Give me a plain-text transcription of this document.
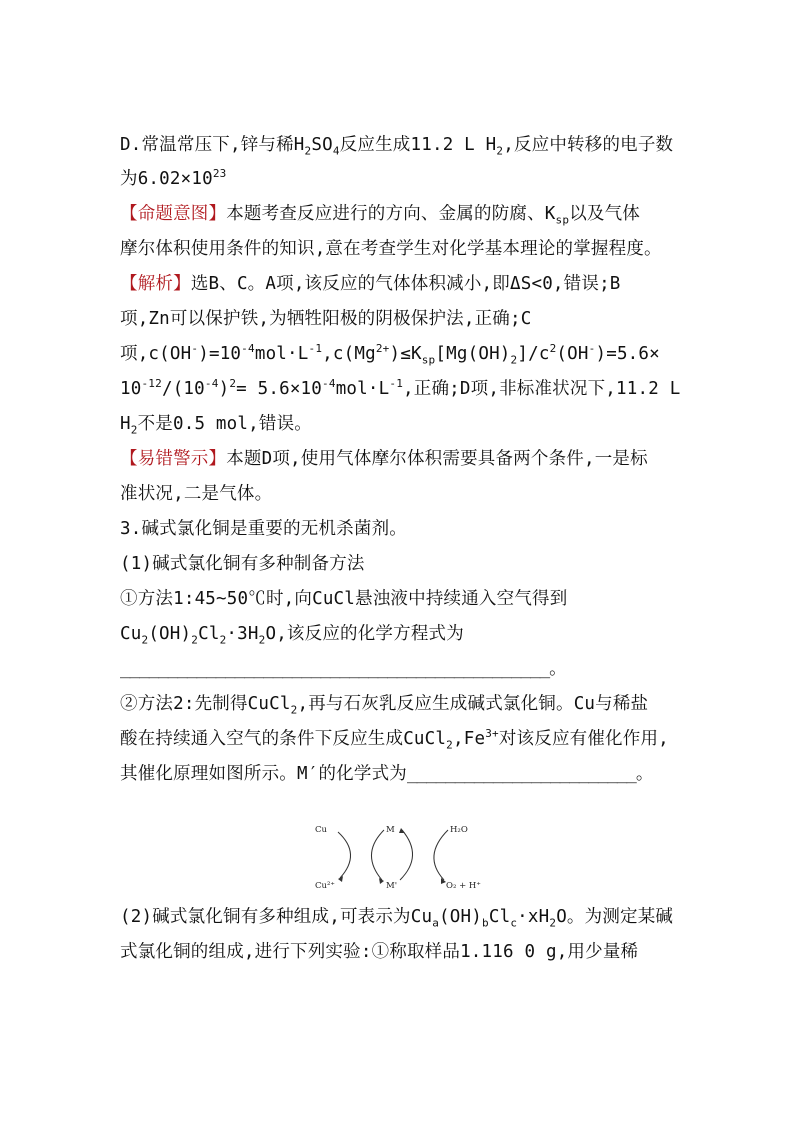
D.常温常压下,锌与稀$H_2SO_4$反应生成11.2 L $H_2$,反应中转移的电子数
为$6.02\times 10^{23}$
【命题意图】本题考查反应进行的方向、金属的防腐、$K_{sp}$以及气体
摩尔体积使用条件的知识,意在考查学生对化学基本理论的掌握程度。
【解析】选B、C。A项,该反应的气体体积减小,即ΔS<0,错误;B
项,Zn可以保护铁,为牺牲阳极的阴极保护法,正确;C
项$,c(OH^-)=10^{-4}mol\cdot L^{-1},c(Mg^{2+})\le K_{sp}[Mg(OH)_2]/c^2(OH^-)=5.6\times$
$10^{-12}/(10^{-4})^2= 5.6\times 10^{-4}mol\cdot L^{-1}$,正确;D项,非标准状况下,11.2 L
$H_2$不是0.5 mol,错误。
【易错警示】本题D项,使用气体摩尔体积需要具备两个条件,一是标
准状况,二是气体。
3.碱式氯化铜是重要的无机杀菌剂。
(1)碱式氯化铜有多种制备方法
①方法1:45~50℃时,向CuCl悬浊液中持续通入空气得到
$Cu_2(OH)_2Cl_2\cdot 3H_2O$,该反应的化学方程式为
_____________________________________________。
②方法2:先制得CuCl$_2$,再与石灰乳反应生成碱式氯化铜。Cu与稀盐
酸在持续通入空气的条件下反应生成$CuCl_2,Fe^{3+}$对该反应有催化作用,
其催化原理如图所示。M′的化学式为________________________。
Cu	M	H₂O
Cu²⁺	M'	O₂ + H⁺
(2)碱式氯化铜有多种组成,可表示为$Cu_a(OH)_bCl_c\cdot xH_2O$。为测定某碱
式氯化铜的组成,进行下列实验:①称取样品1.116 0 g,用少量稀
